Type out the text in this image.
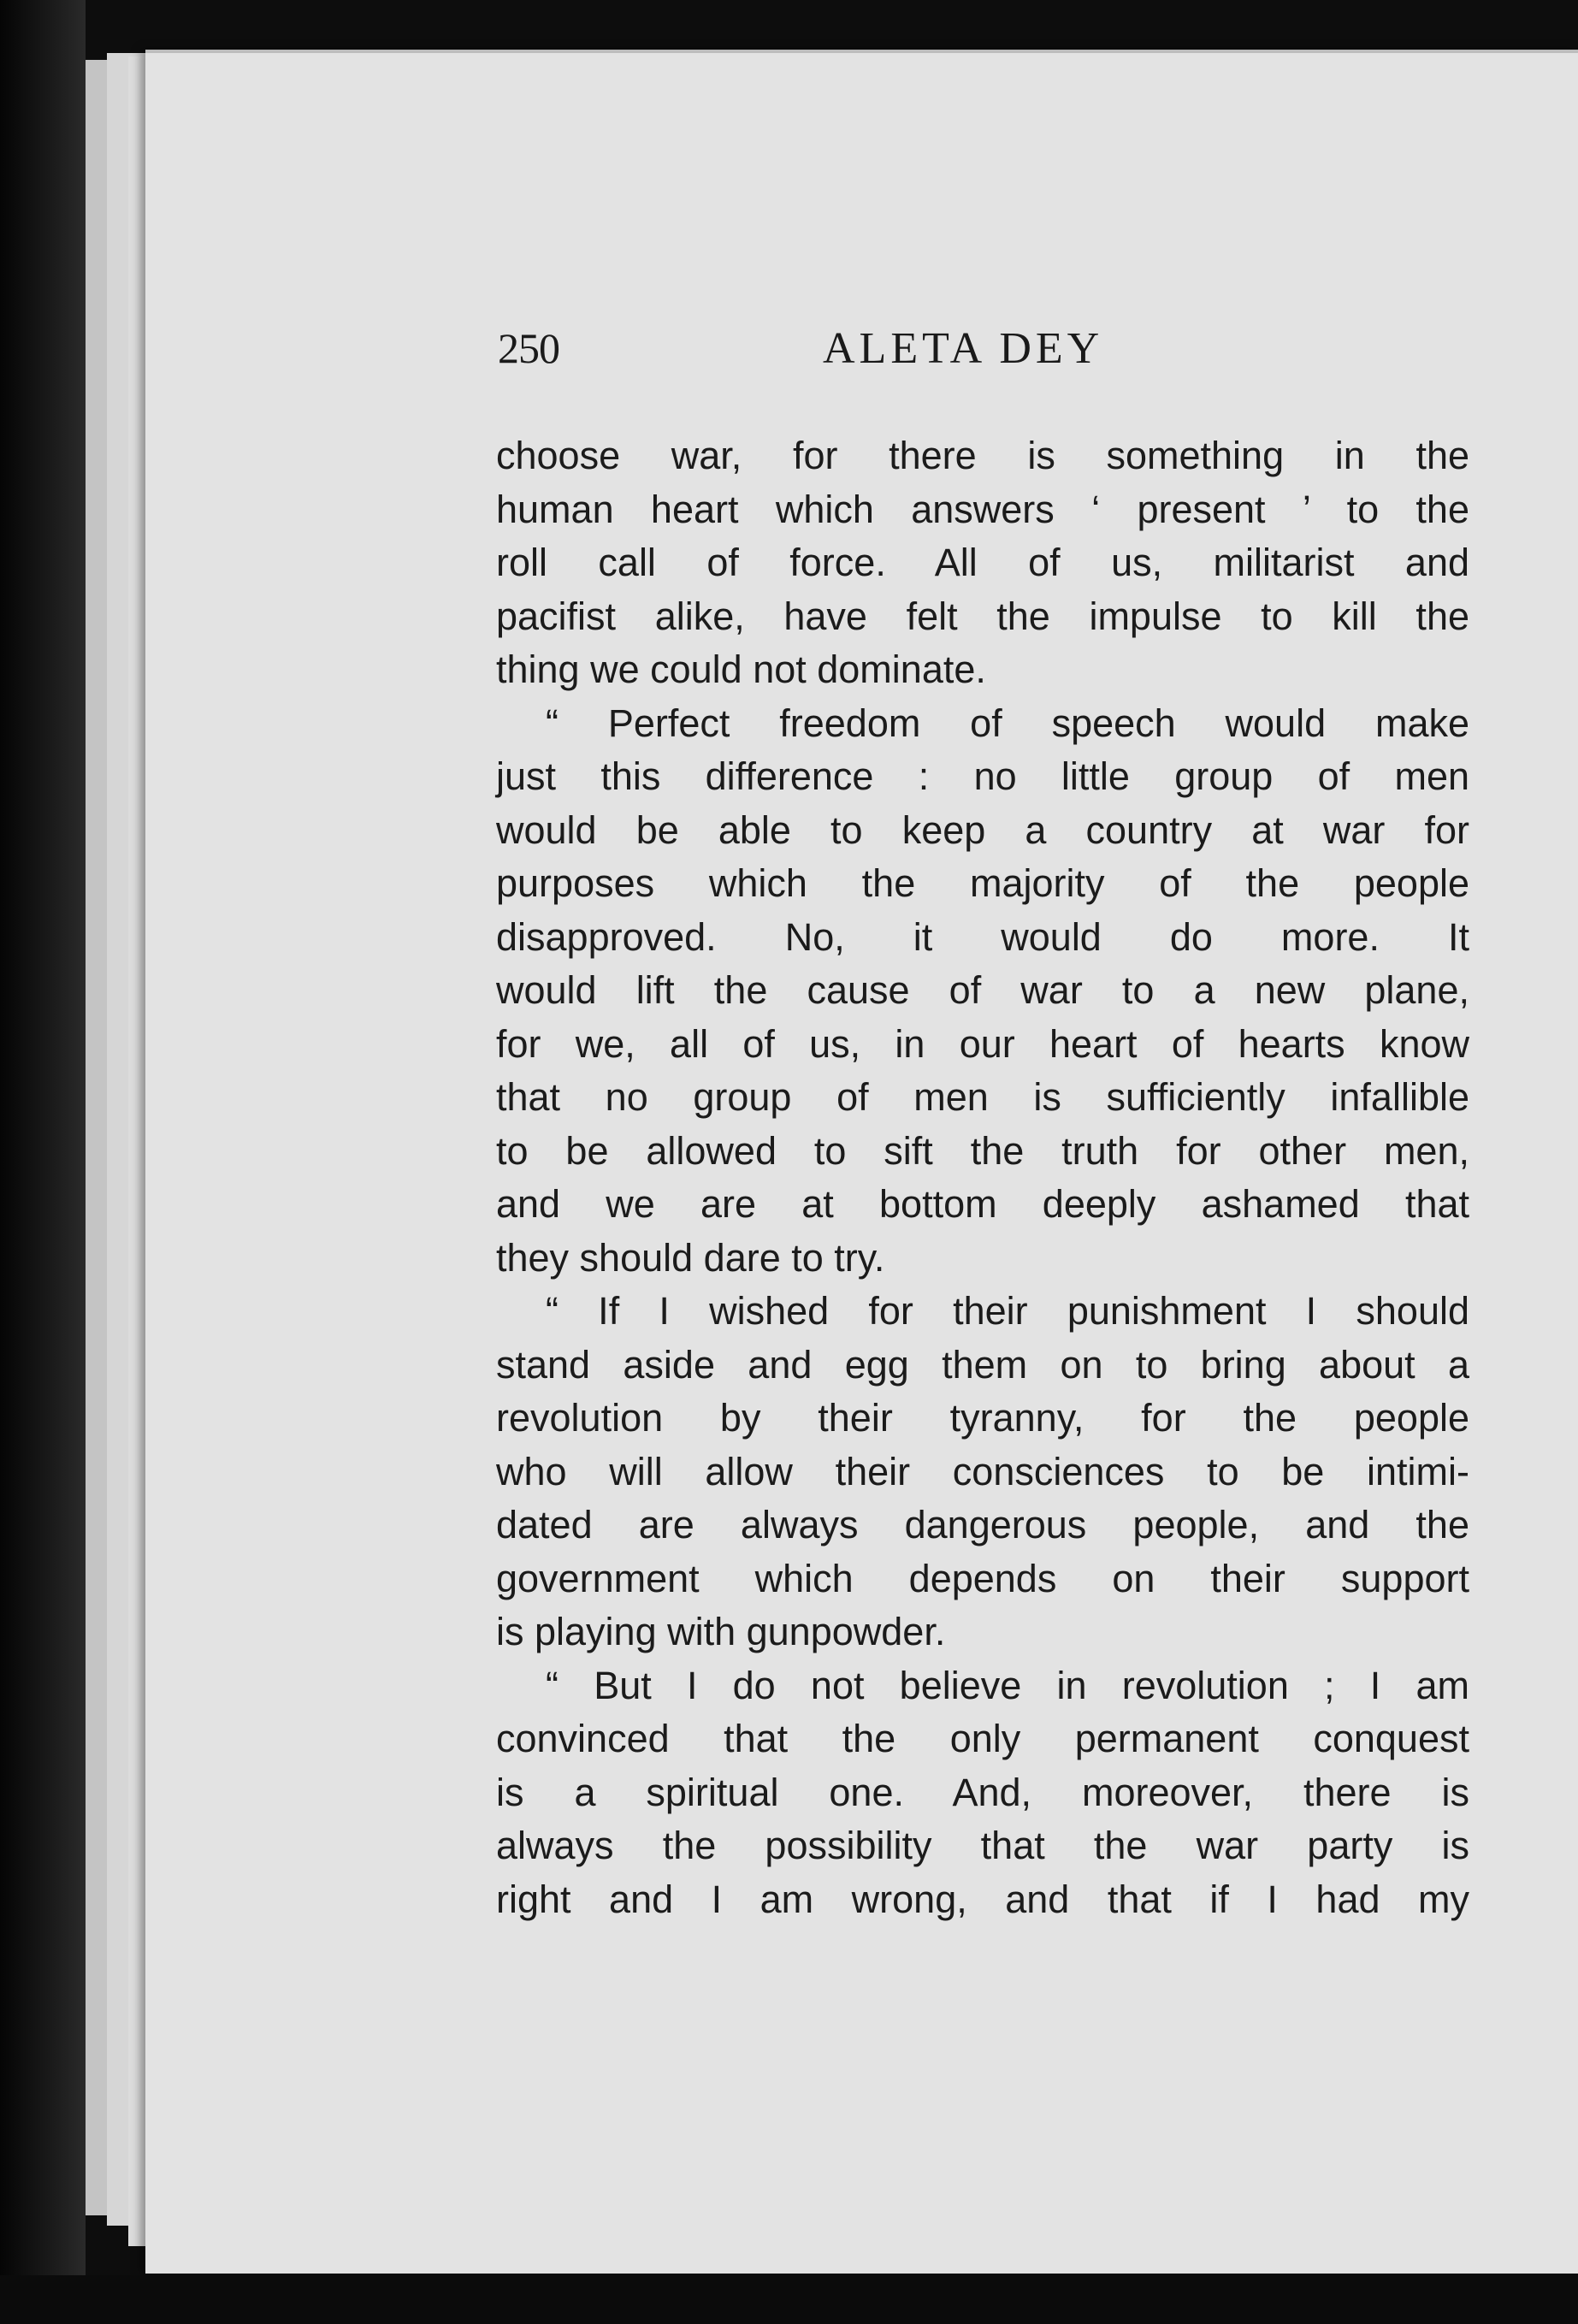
250	ALETA DEY
choose war, for there is something in the
human heart which answers ‘ present ’ to the
roll call of force. All of us, militarist and
pacifist alike, have felt the impulse to kill the
thing we could not dominate.
“ Perfect freedom of speech would make
just this difference : no little group of men
would be able to keep a country at war for
purposes which the majority of the people
disapproved. No, it would do more. It
would lift the cause of war to a new plane,
for we, all of us, in our heart of hearts know
that no group of men is sufficiently infallible
to be allowed to sift the truth for other men,
and we are at bottom deeply ashamed that
they should dare to try.
“ If I wished for their punishment I should
stand aside and egg them on to bring about a
revolution by their tyranny, for the people
who will allow their consciences to be intimi-
dated are always dangerous people, and the
government which depends on their support
is playing with gunpowder.
“ But I do not believe in revolution ; I am
convinced that the only permanent conquest
is a spiritual one. And, moreover, there is
always the possibility that the war party is
right and I am wrong, and that if I had my
